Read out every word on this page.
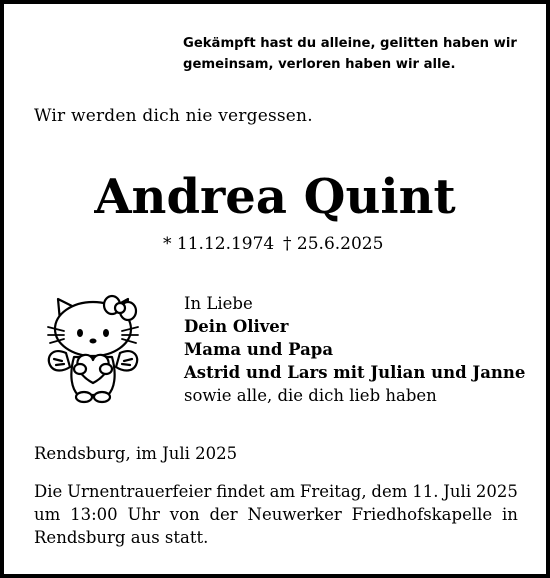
Gekämpft hast du alleine, gelitten haben wir
gemeinsam, verloren haben wir alle.
Wir werden dich nie vergessen.
Andrea Quint
* 11.12.1974 † 25.6.2025
In Liebe
Dein Oliver
Mama und Papa
Astrid und Lars mit Julian und Janne
sowie alle, die dich lieb haben
Rendsburg, im Juli 2025
Die Urnentrauerfeier findet am Freitag, dem 11. Juli 2025
um 13:00 Uhr von der Neuwerker Friedhofskapelle in
Rendsburg aus statt.
